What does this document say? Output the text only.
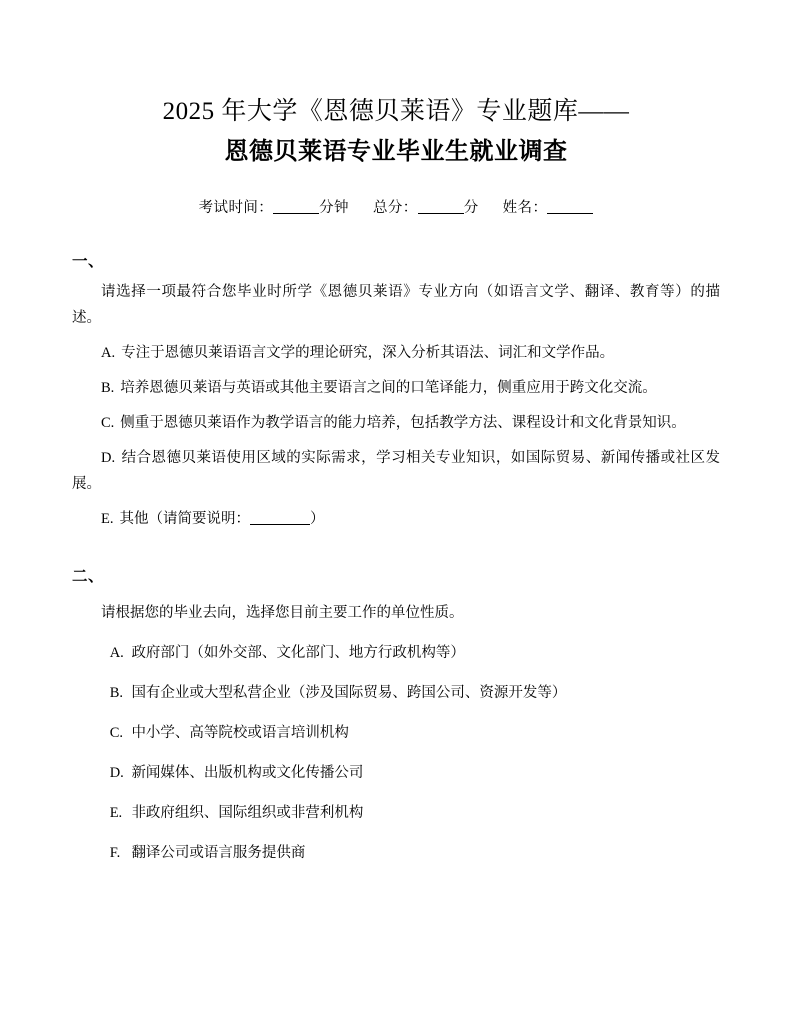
2025 年大学《恩德贝莱语》专业题库——
恩德贝莱语专业毕业生就业调查
考试时间：	分钟 总分：	分 姓名：
一、

请选择一项最符合您毕业时所学《恩德贝莱语》专业方向（如语言文学、翻译、教育等）的描述。

A. 专注于恩德贝莱语语言文学的理论研究，深入分析其语法、词汇和文学作品。

B. 培养恩德贝莱语与英语或其他主要语言之间的口笔译能力，侧重应用于跨文化交流。

C. 侧重于恩德贝莱语作为教学语言的能力培养，包括教学方法、课程设计和文化背景知识。

D. 结合恩德贝莱语使用区域的实际需求，学习相关专业知识，如国际贸易、新闻传播或社区发展。

E. 其他（请简要说明：	）

二、

请根据您的毕业去向，选择您目前主要工作的单位性质。

A. 政府部门（如外交部、文化部门、地方行政机构等）

B. 国有企业或大型私营企业（涉及国际贸易、跨国公司、资源开发等）

C. 中小学、高等院校或语言培训机构

D. 新闻媒体、出版机构或文化传播公司

E. 非政府组织、国际组织或非营利机构

F. 翻译公司或语言服务提供商
